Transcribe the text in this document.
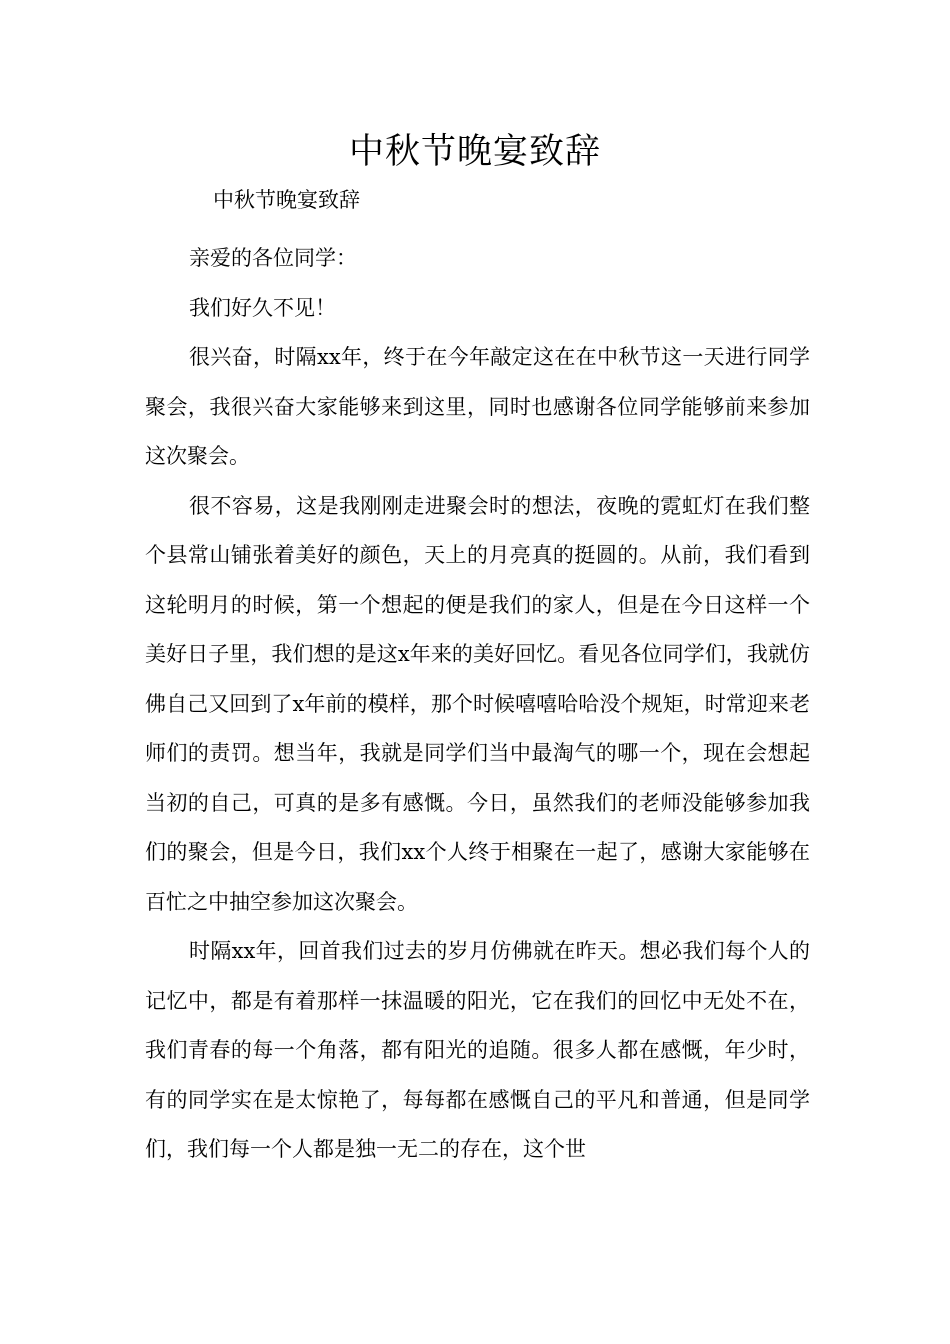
中秋节晚宴致辞
中秋节晚宴致辞

亲爱的各位同学：

我们好久不见！

很兴奋，时隔xx年，终于在今年敲定这在在中秋节这一天进行同学聚会，我很兴奋大家能够来到这里，同时也感谢各位同学能够前来参加这次聚会。

很不容易，这是我刚刚走进聚会时的想法，夜晚的霓虹灯在我们整个县常山铺张着美好的颜色，天上的月亮真的挺圆的。从前，我们看到这轮明月的时候，第一个想起的便是我们的家人，但是在今日这样一个美好日子里，我们想的是这x年来的美好回忆。看见各位同学们，我就仿佛自己又回到了x年前的模样，那个时候嘻嘻哈哈没个规矩，时常迎来老师们的责罚。想当年，我就是同学们当中最淘气的哪一个，现在会想起当初的自己，可真的是多有感慨。今日，虽然我们的老师没能够参加我们的聚会，但是今日，我们xx个人终于相聚在一起了，感谢大家能够在百忙之中抽空参加这次聚会。

时隔xx年，回首我们过去的岁月仿佛就在昨天。想必我们每个人的记忆中，都是有着那样一抹温暖的阳光，它在我们的回忆中无处不在，我们青春的每一个角落，都有阳光的追随。很多人都在感慨，年少时，有的同学实在是太惊艳了，每每都在感慨自己的平凡和普通，但是同学们，我们每一个人都是独一无二的存在，这个世
